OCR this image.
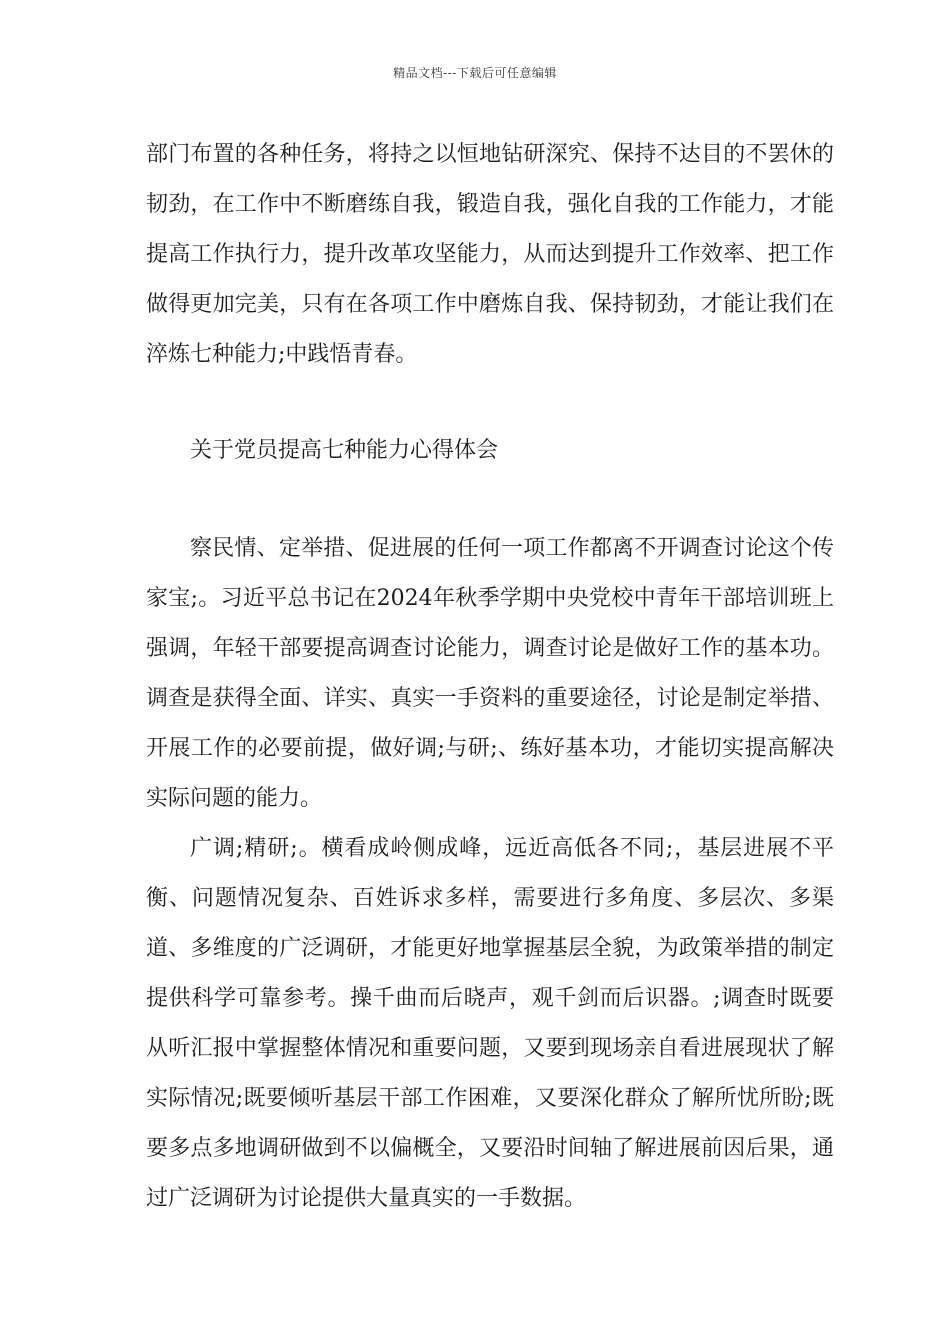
精品文档---下载后可任意编辑

部门布置的各种任务，将持之以恒地钻研深究、保持不达目的不罢休的韧劲，在工作中不断磨练自我，锻造自我，强化自我的工作能力，才能提高工作执行力，提升改革攻坚能力，从而达到提升工作效率、把工作做得更加完美，只有在各项工作中磨炼自我、保持韧劲，才能让我们在淬炼七种能力;中践悟青春。

关于党员提高七种能力心得体会

察民情、定举措、促进展的任何一项工作都离不开调查讨论这个传家宝;。习近平总书记在2024年秋季学期中央党校中青年干部培训班上强调，年轻干部要提高调查讨论能力，调查讨论是做好工作的基本功。调查是获得全面、详实、真实一手资料的重要途径，讨论是制定举措、开展工作的必要前提，做好调;与研;、练好基本功，才能切实提高解决实际问题的能力。

广调;精研;。横看成岭侧成峰，远近高低各不同;，基层进展不平衡、问题情况复杂、百姓诉求多样，需要进行多角度、多层次、多渠道、多维度的广泛调研，才能更好地掌握基层全貌，为政策举措的制定提供科学可靠参考。操千曲而后晓声，观千剑而后识器。;调查时既要从听汇报中掌握整体情况和重要问题，又要到现场亲自看进展现状了解实际情况;既要倾听基层干部工作困难，又要深化群众了解所忧所盼;既要多点多地调研做到不以偏概全，又要沿时间轴了解进展前因后果，通过广泛调研为讨论提供大量真实的一手数据。
